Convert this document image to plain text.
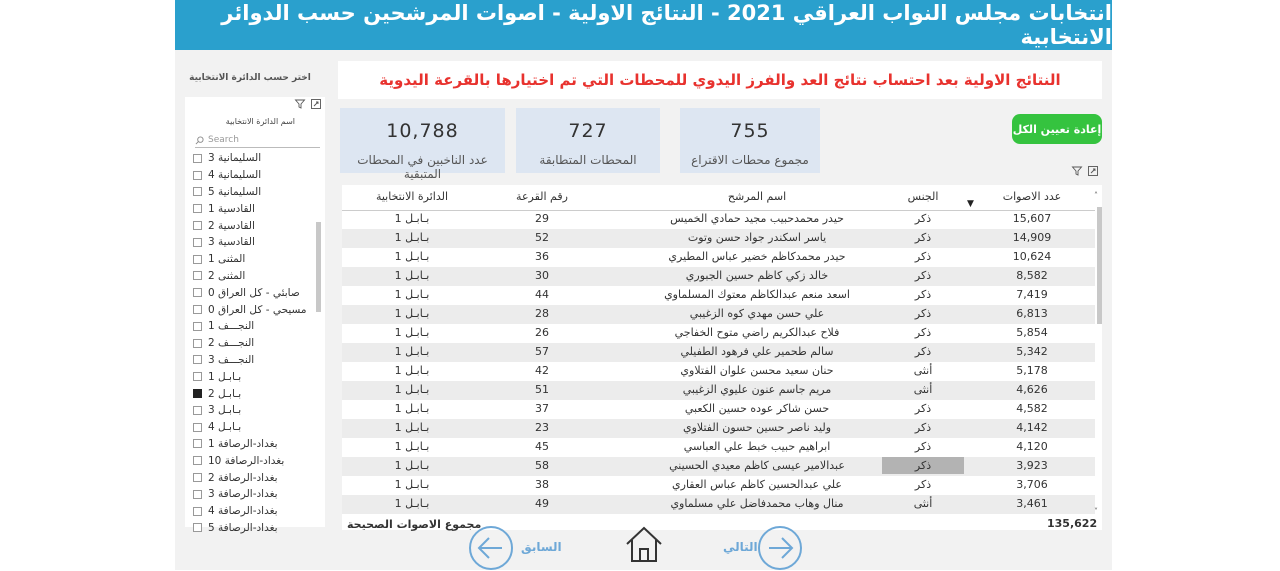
انتخابات مجلس النواب العراقي 2021 - النتائج الاولية - اصوات المرشحين حسب الدوائر الانتخابية
اختر حسب الدائرة الانتخابية
اسم الدائرة الانتخابية
Search
السليمانية 3
السليمانية 4
السليمانية 5
القادسية 1
القادسية 2
القادسية 3
المثنى 1
المثنى 2
صابئي - كل العراق 0
مسيحي - كل العراق 0
النجـــف 1
النجـــف 2
النجـــف 3
بـابـل 1
بـابـل 2
بـابـل 3
بـابـل 4
بغداد-الرصافة 1
بغداد-الرصافة 10
بغداد-الرصافة 2
بغداد-الرصافة 3
بغداد-الرصافة 4
بغداد-الرصافة 5
النتائج الاولية بعد احتساب نتائج العد والفرز اليدوي للمحطات التي تم اختيارها بالقرعة اليدوية
10,788
عدد الناخبين في المحطات المتبقية
727
المحطات المتطابقة
755
مجموع محطات الاقتراع
إعادة تعيين الكل
الدائرة الانتخابية	رقم القرعة	اسم المرشح	الجنس	عدد الاصوات
▼
بـابـل 1	29	حيدر محمدحبيب مجيد حمادي الخميس	ذكر	15,607
بـابـل 1	52	ياسر اسكندر جواد حسن وتوت	ذكر	14,909
بـابـل 1	36	حيدر محمدكاظم خضير عباس المطيري	ذكر	10,624
بـابـل 1	30	خالد زكي كاظم حسين الجبوري	ذكر	8,582
بـابـل 1	44	اسعد منعم عبدالكاظم معتوك المسلماوي	ذكر	7,419
بـابـل 1	28	علي حسن مهدي كوه الزغيبي	ذكر	6,813
بـابـل 1	26	فلاح عبدالكريم راضي متوح الخفاجي	ذكر	5,854
بـابـل 1	57	سالم طحمير علي فرهود الطفيلي	ذكر	5,342
بـابـل 1	42	حنان سعيد محسن علوان الفتلاوي	أنثى	5,178
بـابـل 1	51	مريم جاسم عنون عليوي الزغيبي	أنثى	4,626
بـابـل 1	37	حسن شاكر عوده حسين الكعبي	ذكر	4,582
بـابـل 1	23	وليد ناصر حسين حسون الفتلاوي	ذكر	4,142
بـابـل 1	45	ابراهيم حبيب خبط علي العباسي	ذكر	4,120
بـابـل 1	58	عبدالامير عيسى كاظم معيدي الحسيني	ذكر	3,923
بـابـل 1	38	علي عبدالحسين كاظم عباس العقاري	ذكر	3,706
بـابـل 1	49	منال وهاب محمدفاضل علي مسلماوي	أنثى	3,461
˄
˅
مجموع الاصوات الصحيحة	135,622
السابق	التالي
